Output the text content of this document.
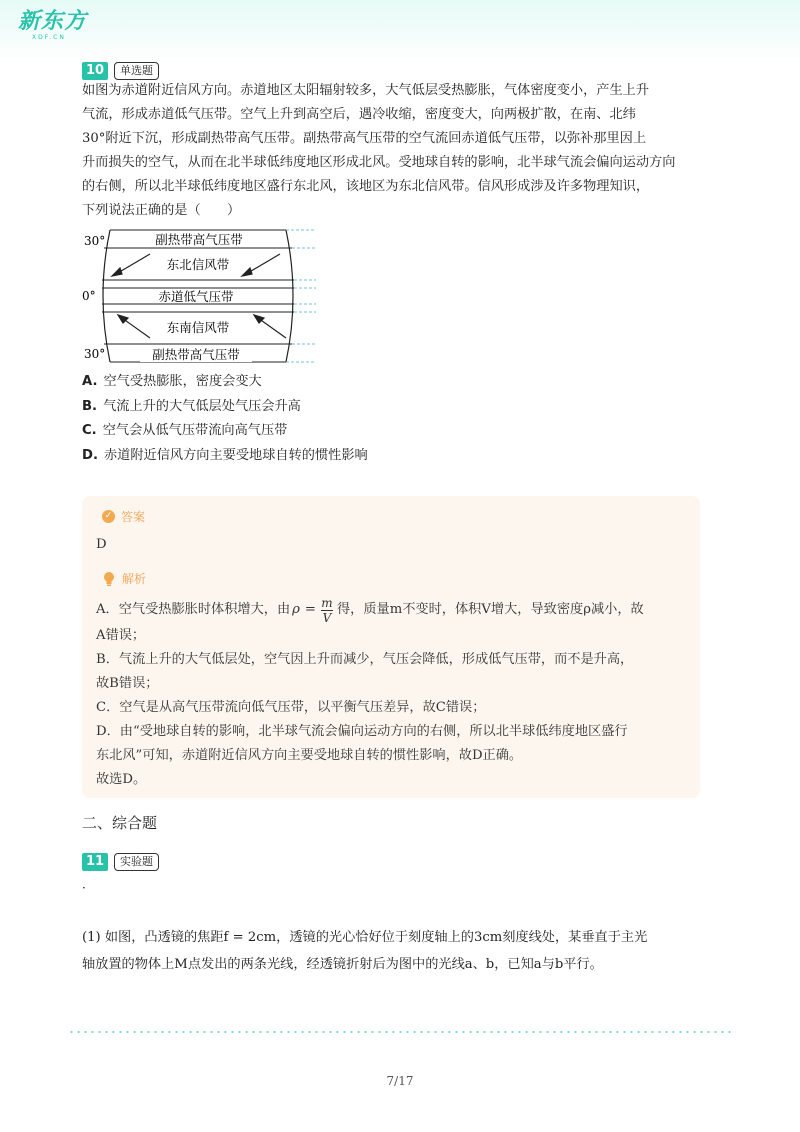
新东方
XDF.CN
10	单选题
如图为赤道附近信风方向。赤道地区太阳辐射较多，大气低层受热膨胀，气体密度变小，产生上升
气流，形成赤道低气压带。空气上升到高空后，遇冷收缩，密度变大，向两极扩散，在南、北纬
30°附近下沉，形成副热带高气压带。副热带高气压带的空气流回赤道低气压带，以弥补那里因上
升而损失的空气，从而在北半球低纬度地区形成北风。受地球自转的影响，北半球气流会偏向运动方向
的右侧，所以北半球低纬度地区盛行东北风，该地区为东北信风带。信风形成涉及许多物理知识，
下列说法正确的是（　　）
30°
0°
30°
副热带高气压带
东北信风带
赤道低气压带
东南信风带
副热带高气压带
A. 空气受热膨胀，密度会变大
B. 气流上升的大气低层处气压会升高
C. 空气会从低气压带流向高气压带
D. 赤道附近信风方向主要受地球自转的惯性影响
✓ 答案
D
解析
A．空气受热膨胀时体积增大，由 ρ = m
V
得，质量m不变时，体积V增大，导致密度ρ减小，故
A错误；
B．气流上升的大气低层处，空气因上升而减少，气压会降低，形成低气压带，而不是升高，
故B错误；
C．空气是从高气压带流向低气压带，以平衡气压差异，故C错误；
D．由“受地球自转的影响，北半球气流会偏向运动方向的右侧，所以北半球低纬度地区盛行
东北风”可知，赤道附近信风方向主要受地球自转的惯性影响，故D正确。
故选D。
二、综合题
11	实验题
·
(1) 如图，凸透镜的焦距f = 2cm，透镜的光心恰好位于刻度轴上的3cm刻度线处，某垂直于主光
轴放置的物体上M点发出的两条光线，经透镜折射后为图中的光线a、b，已知a与b平行。
7/17
